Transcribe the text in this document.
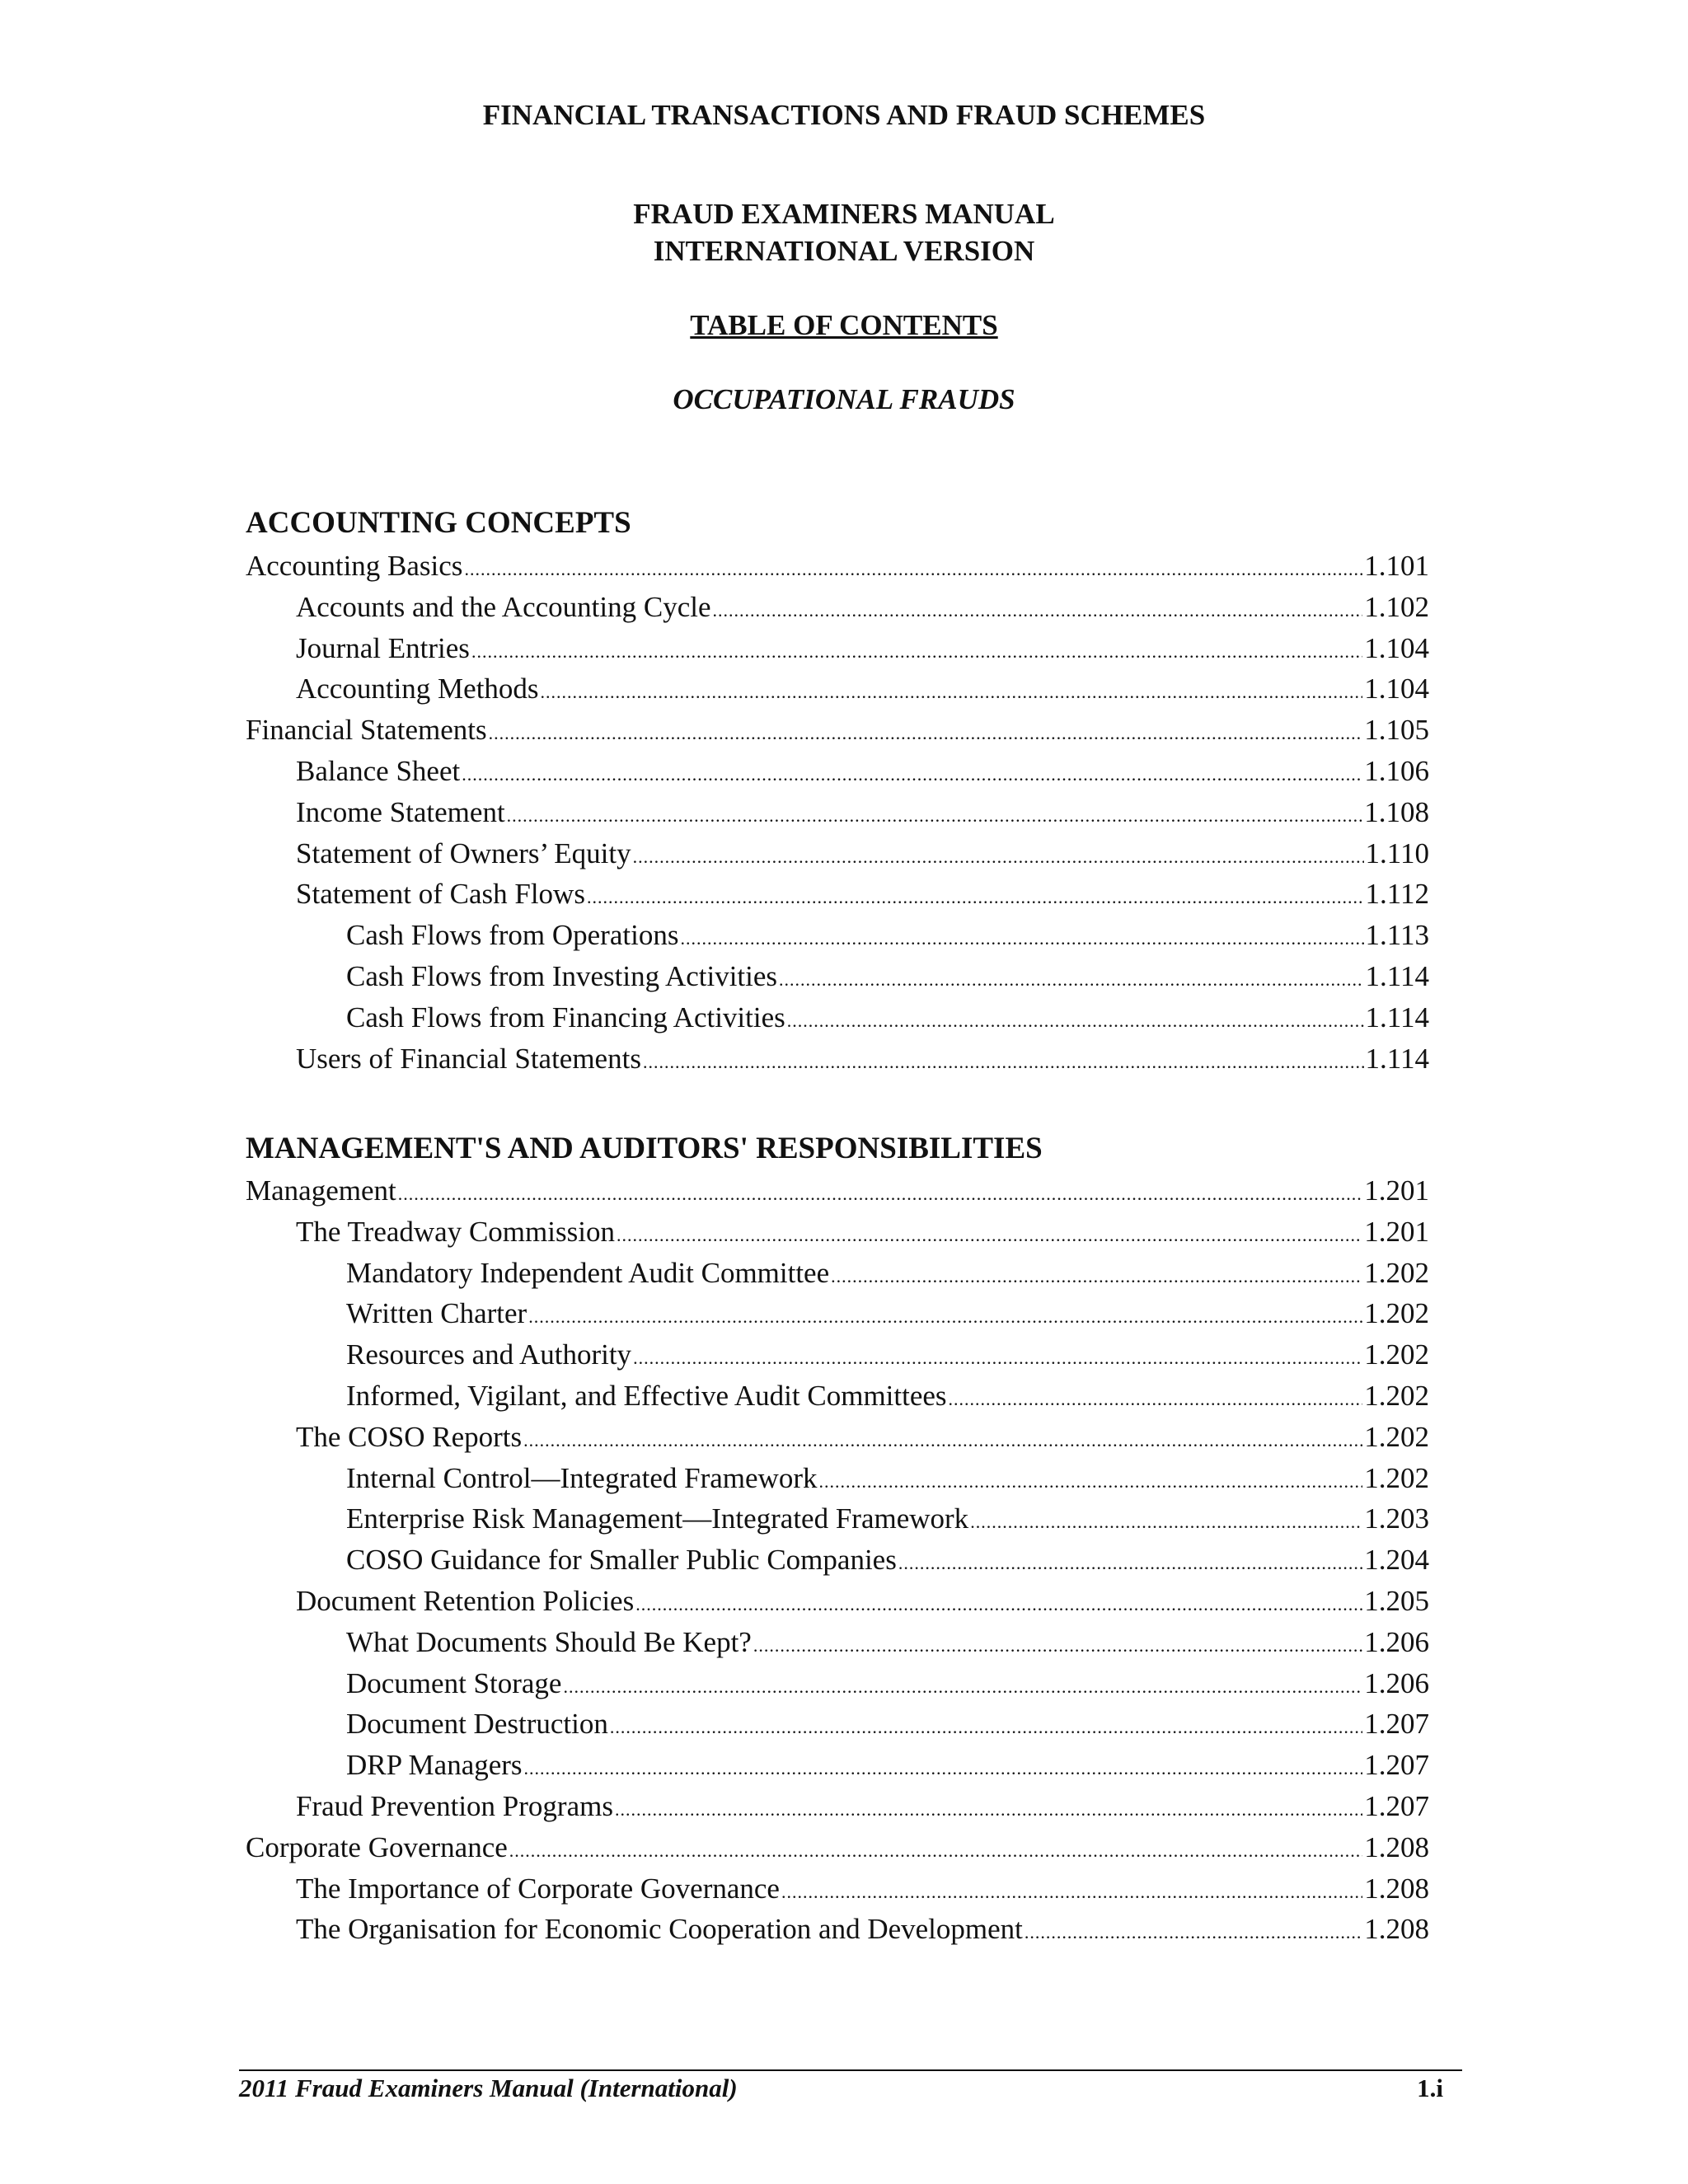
FINANCIAL TRANSACTIONS AND FRAUD SCHEMES
FRAUD EXAMINERS MANUAL
INTERNATIONAL VERSION
TABLE OF CONTENTS
OCCUPATIONAL FRAUDS
ACCOUNTING CONCEPTS
Accounting Basics .....	1.101
Accounts and the Accounting Cycle .....	1.102
Journal Entries .....	1.104
Accounting Methods .....	1.104
Financial Statements .....	1.105
Balance Sheet .....	1.106
Income Statement .....	1.108
Statement of Owners’ Equity .....	1.110
Statement of Cash Flows .....	1.112
Cash Flows from Operations .....	1.113
Cash Flows from Investing Activities .....	1.114
Cash Flows from Financing Activities .....	1.114
Users of Financial Statements .....	1.114
MANAGEMENT'S AND AUDITORS' RESPONSIBILITIES
Management .....	1.201
The Treadway Commission .....	1.201
Mandatory Independent Audit Committee .....	1.202
Written Charter .....	1.202
Resources and Authority .....	1.202
Informed, Vigilant, and Effective Audit Committees .....	1.202
The COSO Reports .....	1.202
Internal Control—Integrated Framework .....	1.202
Enterprise Risk Management—Integrated Framework .....	1.203
COSO Guidance for Smaller Public Companies .....	1.204
Document Retention Policies .....	1.205
What Documents Should Be Kept? .....	1.206
Document Storage .....	1.206
Document Destruction .....	1.207
DRP Managers .....	1.207
Fraud Prevention Programs .....	1.207
Corporate Governance .....	1.208
The Importance of Corporate Governance .....	1.208
The Organisation for Economic Cooperation and Development .....	1.208
2011 Fraud Examiners Manual (International)	1.i
